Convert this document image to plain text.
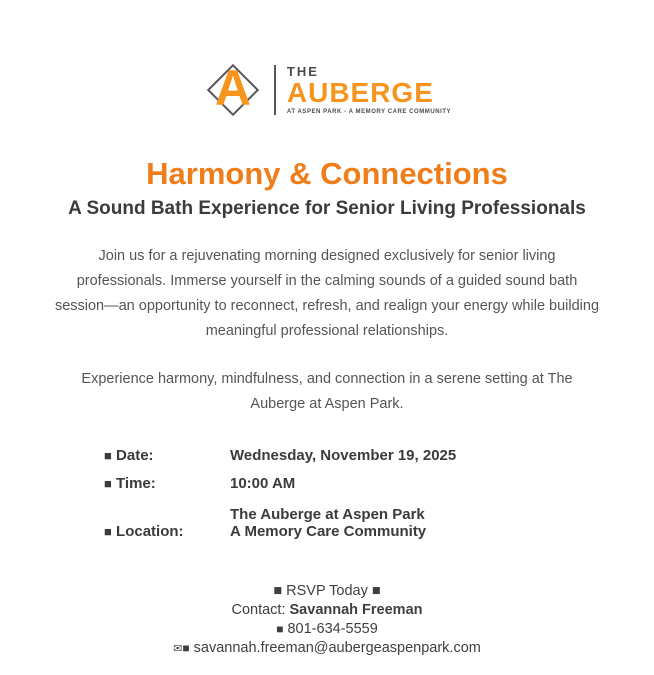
A	THE
AUBERGE
AT ASPEN PARK - A MEMORY CARE COMMUNITY
Harmony & Connections
A Sound Bath Experience for Senior Living Professionals

Join us for a rejuvenating morning designed exclusively for senior living professionals. Immerse yourself in the calming sounds of a guided sound bath session—an opportunity to reconnect, refresh, and realign your energy while building meaningful professional relationships.

Experience harmony, mindfulness, and connection in a serene setting at The Auberge at Aspen Park.

■ Date:	Wednesday, November 19, 2025
■ Time:	10:00 AM
■ Location:
The Auberge at Aspen Park
A Memory Care Community
■ RSVP Today ■
Contact: Savannah Freeman
■ 801-634-5559
✉■ savannah.freeman@aubergeaspenpark.com
